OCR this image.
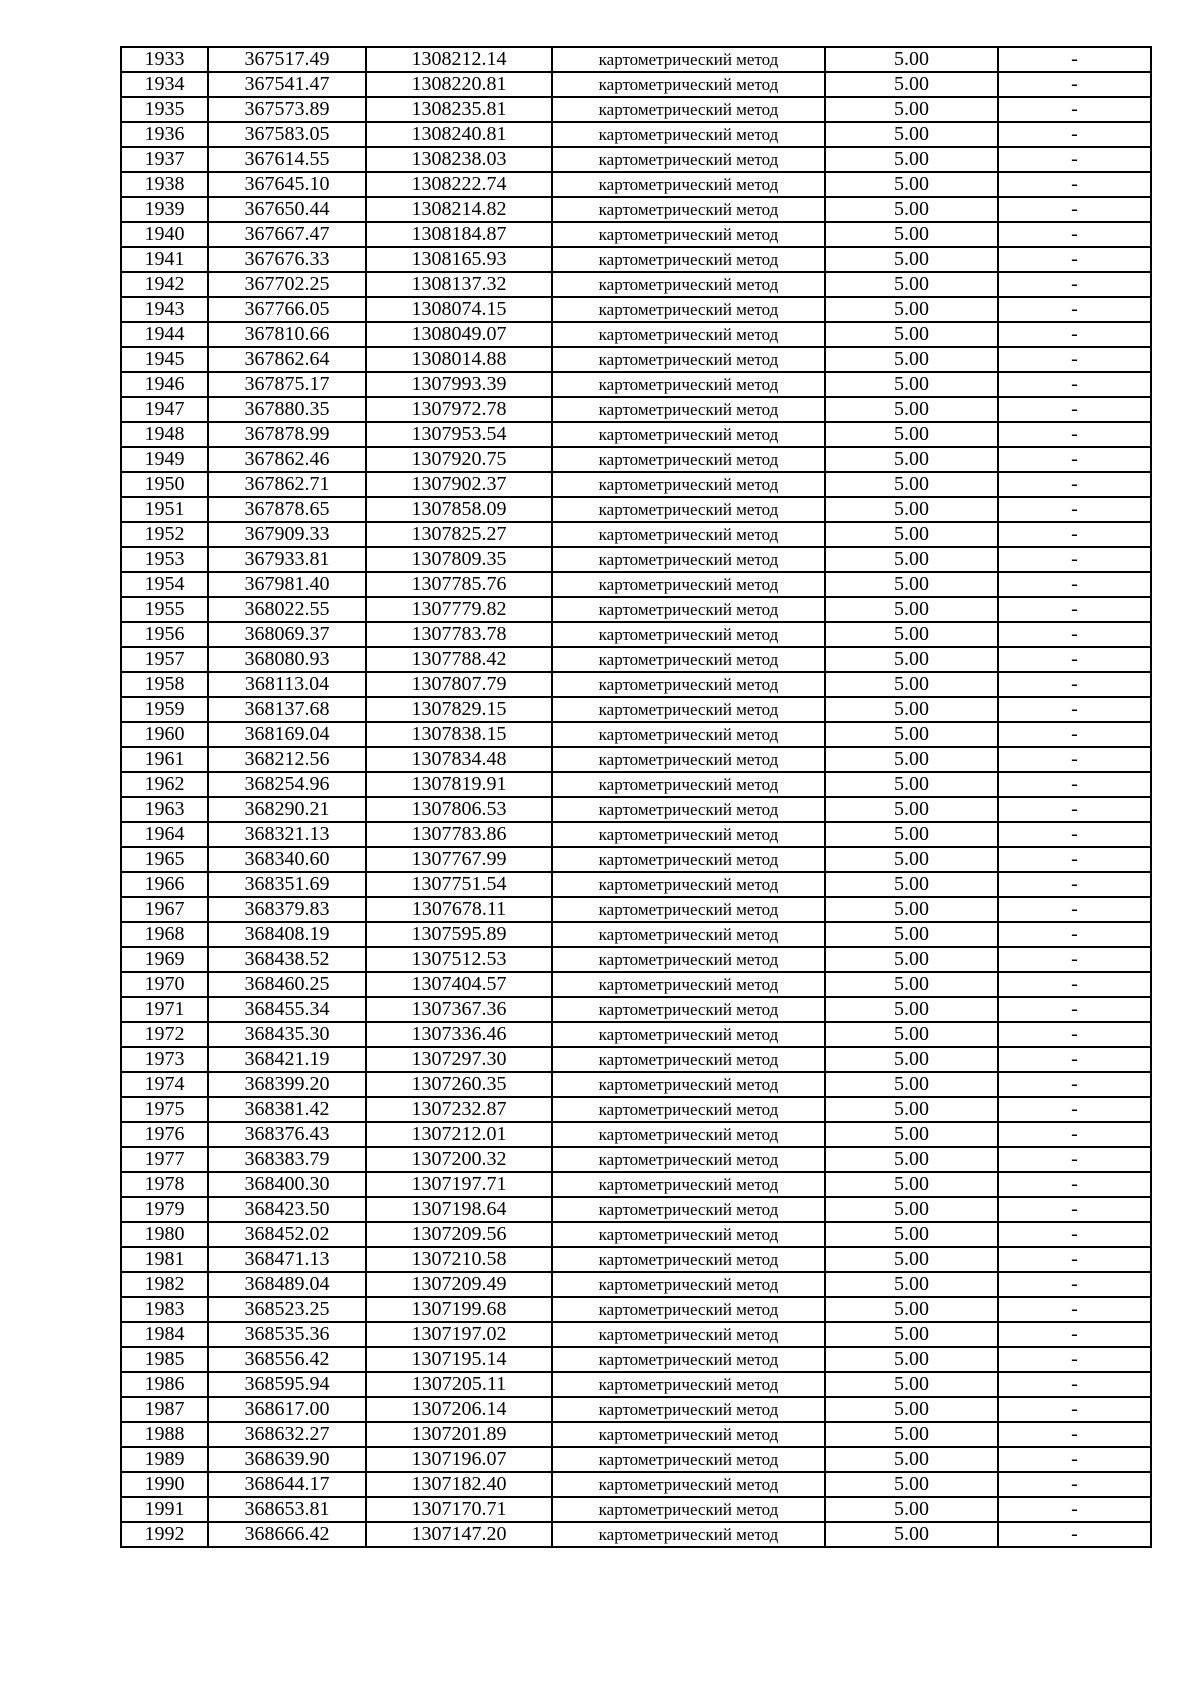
1933	367517.49	1308212.14	картометрический метод	5.00	-
1934	367541.47	1308220.81	картометрический метод	5.00	-
1935	367573.89	1308235.81	картометрический метод	5.00	-
1936	367583.05	1308240.81	картометрический метод	5.00	-
1937	367614.55	1308238.03	картометрический метод	5.00	-
1938	367645.10	1308222.74	картометрический метод	5.00	-
1939	367650.44	1308214.82	картометрический метод	5.00	-
1940	367667.47	1308184.87	картометрический метод	5.00	-
1941	367676.33	1308165.93	картометрический метод	5.00	-
1942	367702.25	1308137.32	картометрический метод	5.00	-
1943	367766.05	1308074.15	картометрический метод	5.00	-
1944	367810.66	1308049.07	картометрический метод	5.00	-
1945	367862.64	1308014.88	картометрический метод	5.00	-
1946	367875.17	1307993.39	картометрический метод	5.00	-
1947	367880.35	1307972.78	картометрический метод	5.00	-
1948	367878.99	1307953.54	картометрический метод	5.00	-
1949	367862.46	1307920.75	картометрический метод	5.00	-
1950	367862.71	1307902.37	картометрический метод	5.00	-
1951	367878.65	1307858.09	картометрический метод	5.00	-
1952	367909.33	1307825.27	картометрический метод	5.00	-
1953	367933.81	1307809.35	картометрический метод	5.00	-
1954	367981.40	1307785.76	картометрический метод	5.00	-
1955	368022.55	1307779.82	картометрический метод	5.00	-
1956	368069.37	1307783.78	картометрический метод	5.00	-
1957	368080.93	1307788.42	картометрический метод	5.00	-
1958	368113.04	1307807.79	картометрический метод	5.00	-
1959	368137.68	1307829.15	картометрический метод	5.00	-
1960	368169.04	1307838.15	картометрический метод	5.00	-
1961	368212.56	1307834.48	картометрический метод	5.00	-
1962	368254.96	1307819.91	картометрический метод	5.00	-
1963	368290.21	1307806.53	картометрический метод	5.00	-
1964	368321.13	1307783.86	картометрический метод	5.00	-
1965	368340.60	1307767.99	картометрический метод	5.00	-
1966	368351.69	1307751.54	картометрический метод	5.00	-
1967	368379.83	1307678.11	картометрический метод	5.00	-
1968	368408.19	1307595.89	картометрический метод	5.00	-
1969	368438.52	1307512.53	картометрический метод	5.00	-
1970	368460.25	1307404.57	картометрический метод	5.00	-
1971	368455.34	1307367.36	картометрический метод	5.00	-
1972	368435.30	1307336.46	картометрический метод	5.00	-
1973	368421.19	1307297.30	картометрический метод	5.00	-
1974	368399.20	1307260.35	картометрический метод	5.00	-
1975	368381.42	1307232.87	картометрический метод	5.00	-
1976	368376.43	1307212.01	картометрический метод	5.00	-
1977	368383.79	1307200.32	картометрический метод	5.00	-
1978	368400.30	1307197.71	картометрический метод	5.00	-
1979	368423.50	1307198.64	картометрический метод	5.00	-
1980	368452.02	1307209.56	картометрический метод	5.00	-
1981	368471.13	1307210.58	картометрический метод	5.00	-
1982	368489.04	1307209.49	картометрический метод	5.00	-
1983	368523.25	1307199.68	картометрический метод	5.00	-
1984	368535.36	1307197.02	картометрический метод	5.00	-
1985	368556.42	1307195.14	картометрический метод	5.00	-
1986	368595.94	1307205.11	картометрический метод	5.00	-
1987	368617.00	1307206.14	картометрический метод	5.00	-
1988	368632.27	1307201.89	картометрический метод	5.00	-
1989	368639.90	1307196.07	картометрический метод	5.00	-
1990	368644.17	1307182.40	картометрический метод	5.00	-
1991	368653.81	1307170.71	картометрический метод	5.00	-
1992	368666.42	1307147.20	картометрический метод	5.00	-
